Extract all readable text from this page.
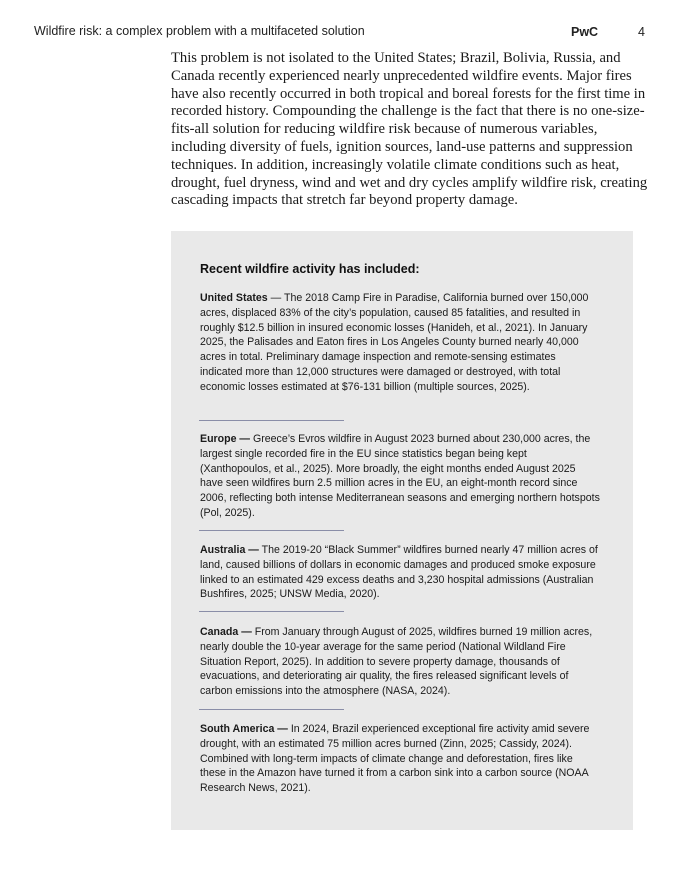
Wildfire risk: a complex problem with a multifaceted solution	PwC	4

This problem is not isolated to the United States; Brazil, Bolivia, Russia, and Canada recently experienced nearly unprecedented wildfire events. Major fires have also recently occurred in both tropical and boreal forests for the first time in recorded history. Compounding the challenge is the fact that there is no one-size-fits-all solution for reducing wildfire risk because of numerous variables, including diversity of fuels, ignition sources, land-use patterns and suppression techniques. In addition, increasingly volatile climate conditions such as heat, drought, fuel dryness, wind and wet and dry cycles amplify wildfire risk, creating cascading impacts that stretch far beyond property damage.

Recent wildfire activity has included:

United States — The 2018 Camp Fire in Paradise, California burned over 150,000 acres, displaced 83% of the city’s population, caused 85 fatalities, and resulted in roughly $12.5 billion in insured economic losses (Hanideh, et al., 2021). In January 2025, the Palisades and Eaton fires in Los Angeles County burned nearly 40,000 acres in total. Preliminary damage inspection and remote-sensing estimates indicated more than 12,000 structures were damaged or destroyed, with total economic losses estimated at $76-131 billion (multiple sources, 2025).

Europe — Greece’s Evros wildfire in August 2023 burned about 230,000 acres, the largest single recorded fire in the EU since statistics began being kept (Xanthopoulos, et al., 2025). More broadly, the eight months ended August 2025 have seen wildfires burn 2.5 million acres in the EU, an eight-month record since 2006, reflecting both intense Mediterranean seasons and emerging northern hotspots (Pol, 2025).

Australia — The 2019-20 “Black Summer” wildfires burned nearly 47 million acres of land, caused billions of dollars in economic damages and produced smoke exposure linked to an estimated 429 excess deaths and 3,230 hospital admissions (Australian Bushfires, 2025; UNSW Media, 2020).

Canada — From January through August of 2025, wildfires burned 19 million acres, nearly double the 10-year average for the same period (National Wildland Fire Situation Report, 2025). In addition to severe property damage, thousands of evacuations, and deteriorating air quality, the fires released significant levels of carbon emissions into the atmosphere (NASA, 2024).

South America — In 2024, Brazil experienced exceptional fire activity amid severe drought, with an estimated 75 million acres burned (Zinn, 2025; Cassidy, 2024). Combined with long-term impacts of climate change and deforestation, fires like these in the Amazon have turned it from a carbon sink into a carbon source (NOAA Research News, 2021).
